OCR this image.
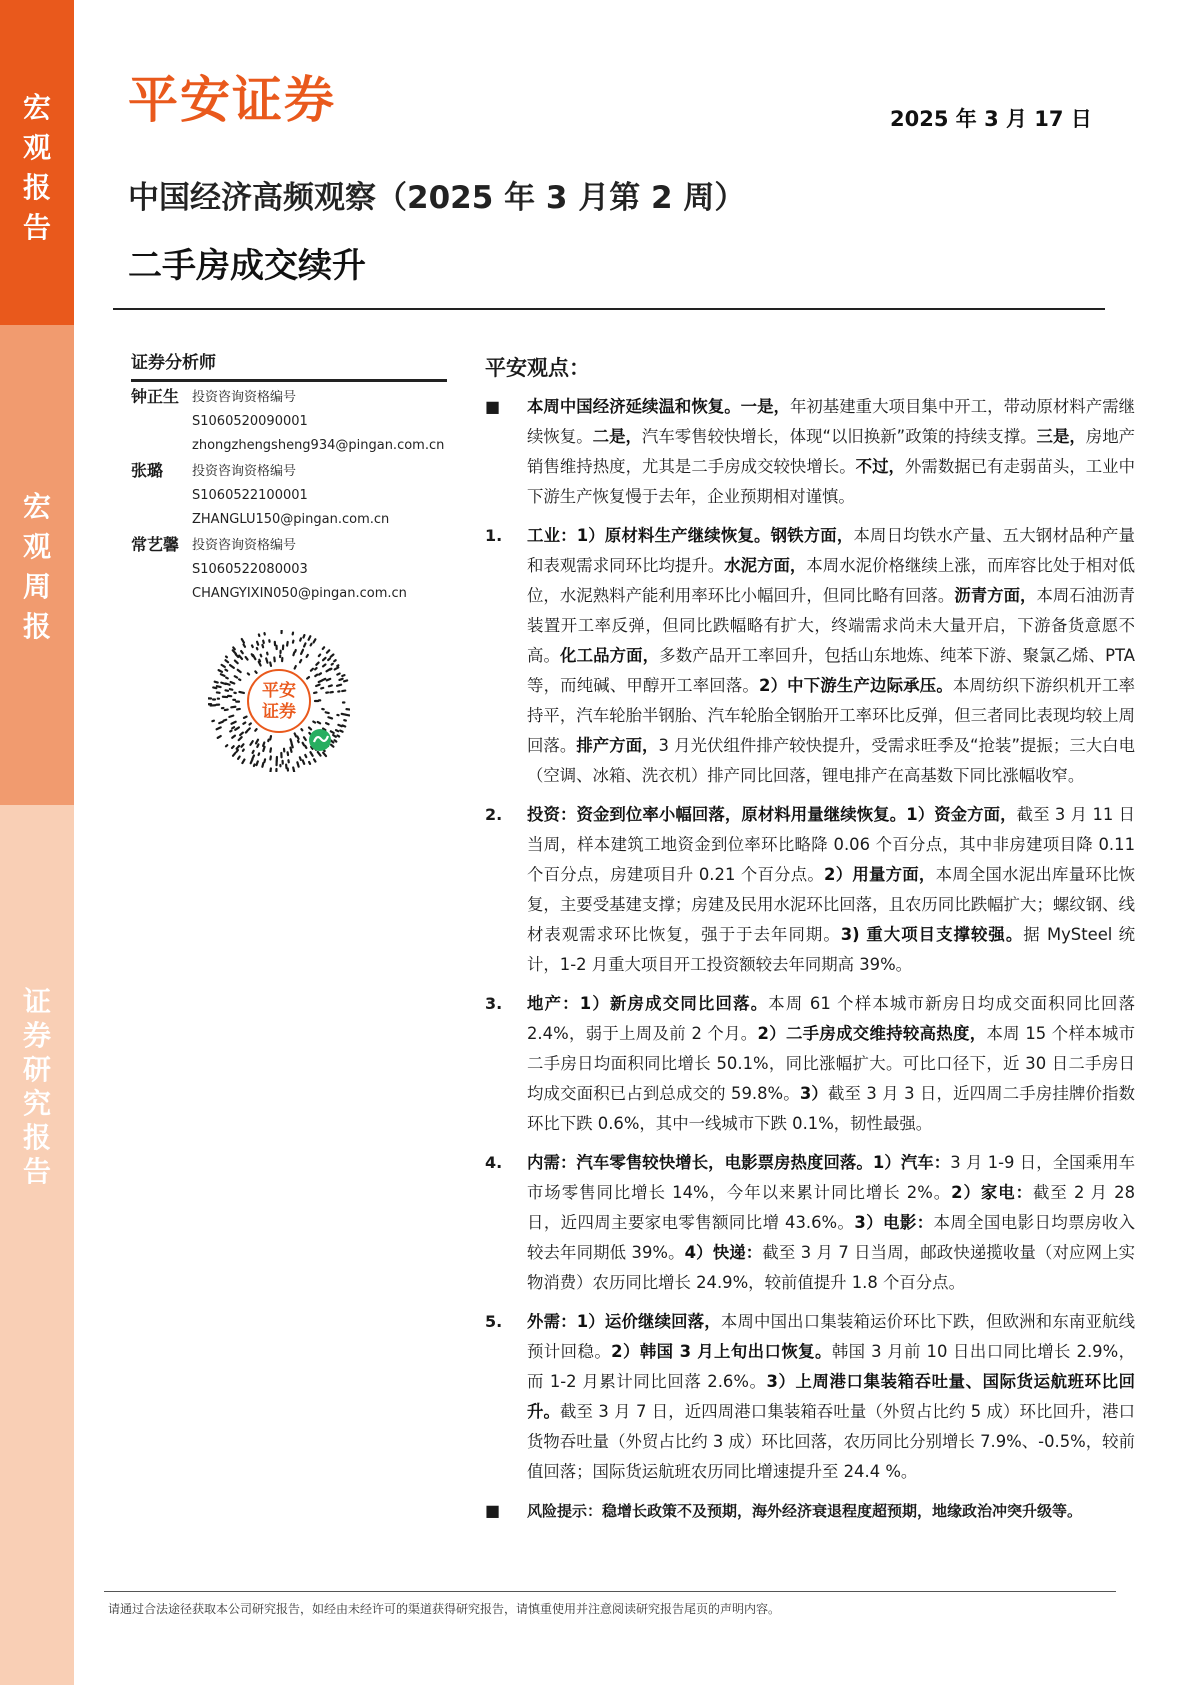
宏观报告
宏观周报
证券研究报告
平安证券	2025 年 3 月 17 日
中国经济高频观察（2025 年 3 月第 2 周）
二手房成交续升
证券分析师
钟正生 投资咨询资格编号
S1060520090001
zhongzhengsheng934@pingan.com.cn
张璐	投资咨询资格编号
S1060522100001
ZHANGLU150@pingan.com.cn
常艺馨 投资咨询资格编号
S1060522080003
CHANGYIXIN050@pingan.com.cn
平安
证券
平安观点：
■	本周中国经济延续温和恢复。一是，年初基建重大项目集中开工，带动原材料产需继续恢复。二是，汽车零售较快增长，体现“以旧换新”政策的持续支撑。三是，房地产销售维持热度，尤其是二手房成交较快增长。不过，外需数据已有走弱苗头，工业中下游生产恢复慢于去年，企业预期相对谨慎。
1.	工业：1）原材料生产继续恢复。钢铁方面，本周日均铁水产量、五大钢材品种产量和表观需求同环比均提升。水泥方面，本周水泥价格继续上涨，而库容比处于相对低位，水泥熟料产能利用率环比小幅回升，但同比略有回落。沥青方面，本周石油沥青装置开工率反弹，但同比跌幅略有扩大，终端需求尚未大量开启，下游备货意愿不高。化工品方面，多数产品开工率回升，包括山东地炼、纯苯下游、聚氯乙烯、PTA 等，而纯碱、甲醇开工率回落。2）中下游生产边际承压。本周纺织下游织机开工率持平，汽车轮胎半钢胎、汽车轮胎全钢胎开工率环比反弹，但三者同比表现均较上周回落。排产方面，3 月光伏组件排产较快提升，受需求旺季及“抢装”提振；三大白电（空调、冰箱、洗衣机）排产同比回落，锂电排产在高基数下同比涨幅收窄。
2.	投资：资金到位率小幅回落，原材料用量继续恢复。1）资金方面，截至 3 月 11 日当周，样本建筑工地资金到位率环比略降 0.06 个百分点，其中非房建项目降 0.11 个百分点，房建项目升 0.21 个百分点。2）用量方面，本周全国水泥出库量环比恢复，主要受基建支撑；房建及民用水泥环比回落，且农历同比跌幅扩大；螺纹钢、线材表观需求环比恢复，强于于去年同期。3) 重大项目支撑较强。据 MySteel 统计，1-2 月重大项目开工投资额较去年同期高 39%。
3.	地产：1）新房成交同比回落。本周 61 个样本城市新房日均成交面积同比回落 2.4%，弱于上周及前 2 个月。2）二手房成交维持较高热度，本周 15 个样本城市二手房日均面积同比增长 50.1%，同比涨幅扩大。可比口径下，近 30 日二手房日均成交面积已占到总成交的 59.8%。3）截至 3 月 3 日，近四周二手房挂牌价指数环比下跌 0.6%，其中一线城市下跌 0.1%，韧性最强。
4.	内需：汽车零售较快增长，电影票房热度回落。1）汽车：3 月 1-9 日，全国乘用车市场零售同比增长 14%，今年以来累计同比增长 2%。2）家电：截至 2 月 28 日，近四周主要家电零售额同比增 43.6%。3）电影：本周全国电影日均票房收入较去年同期低 39%。4）快递：截至 3 月 7 日当周，邮政快递揽收量（对应网上实物消费）农历同比增长 24.9%，较前值提升 1.8 个百分点。
5.	外需：1）运价继续回落，本周中国出口集装箱运价环比下跌，但欧洲和东南亚航线预计回稳。2）韩国 3 月上旬出口恢复。韩国 3 月前 10 日出口同比增长 2.9%，而 1-2 月累计同比回落 2.6%。3）上周港口集装箱吞吐量、国际货运航班环比回升。截至 3 月 7 日，近四周港口集装箱吞吐量（外贸占比约 5 成）环比回升，港口货物吞吐量（外贸占比约 3 成）环比回落，农历同比分别增长 7.9%、-0.5%，较前值回落；国际货运航班农历同比增速提升至 24.4 %。
■	风险提示：稳增长政策不及预期，海外经济衰退程度超预期，地缘政治冲突升级等。
请通过合法途径获取本公司研究报告，如经由未经许可的渠道获得研究报告，请慎重使用并注意阅读研究报告尾页的声明内容。
